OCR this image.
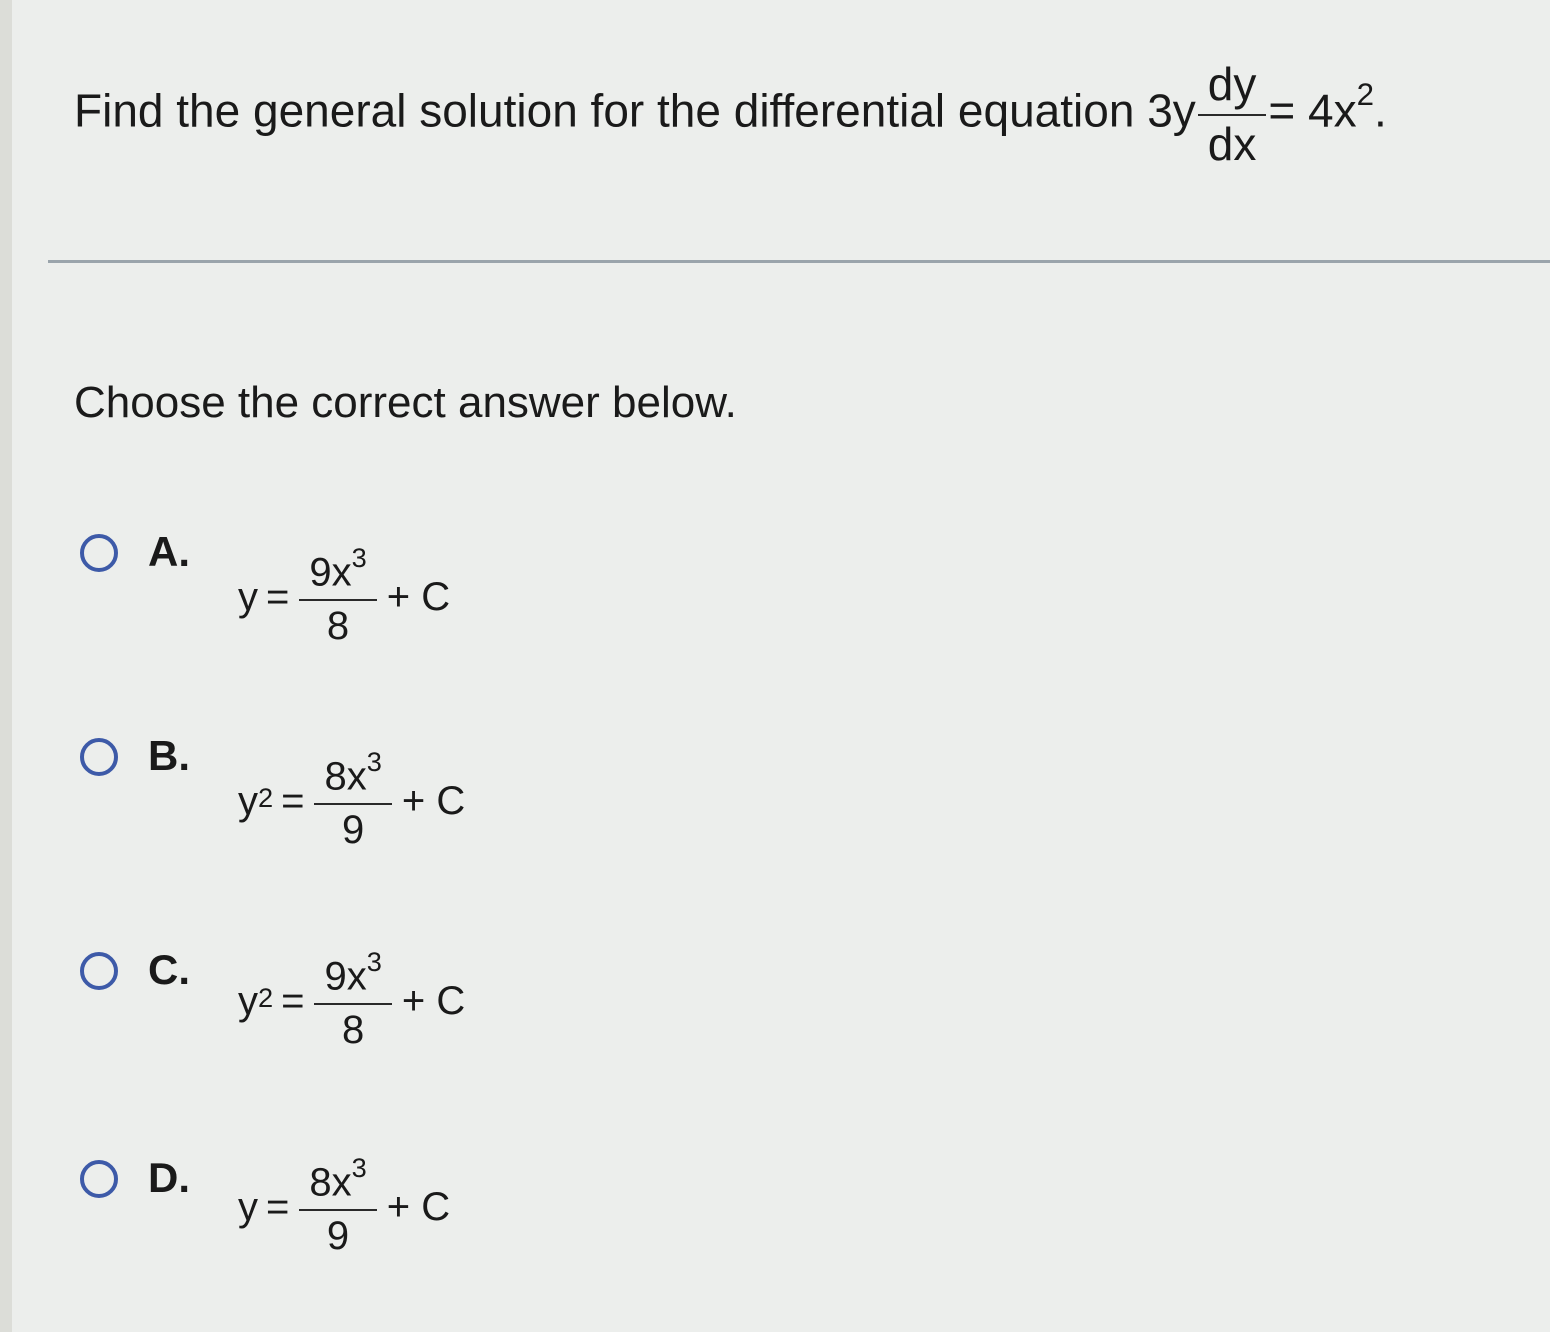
Find the general solution for the differential equation $3y \frac{dy}{dx} = 4x^2$.
Choose the correct answer below.
A.
$y = \frac{9x^3}{8} + C$
B.
$y^2 = \frac{8x^3}{9} + C$
C.
$y^2 = \frac{9x^3}{8} + C$
D.
$y = \frac{8x^3}{9} + C$
